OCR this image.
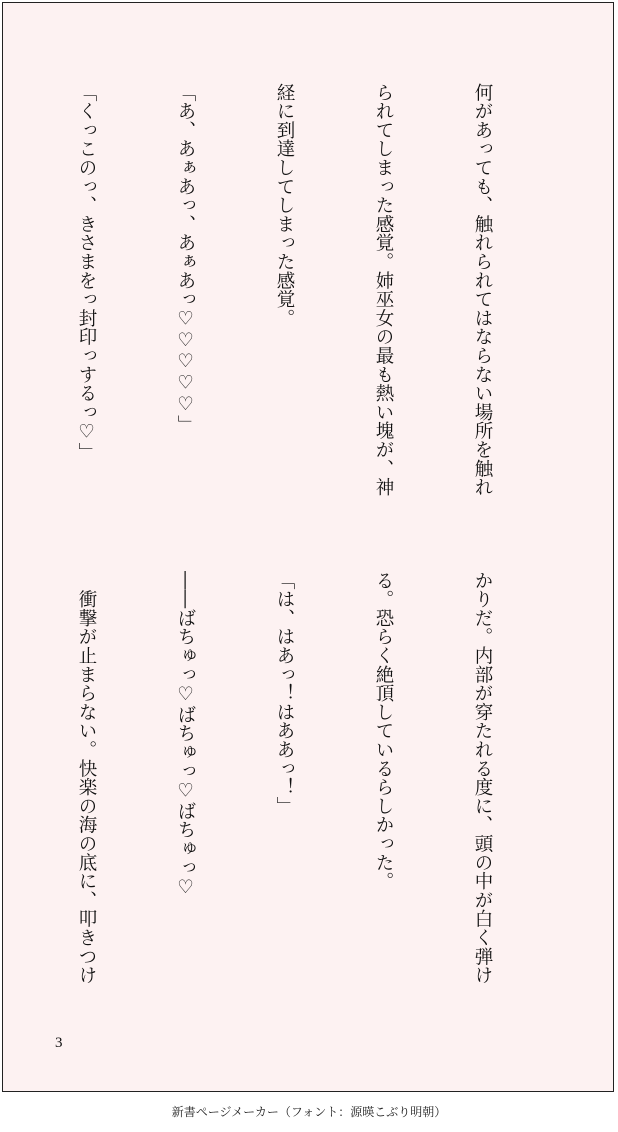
何があっても、触れられてはならない場所を触れ

られてしまった感覚。姉巫女の最も熱い塊が、神

経に到達してしまった感覚。

「あ、あぁあっ、あぁあっ♡♡♡♡♡」

「くっこのっ、きさまをっ封印っするっ♡」

かりだ。内部が穿たれる度に、頭の中が白く弾け

る。恐らく絶頂しているらしかった。

「は、はあっ！はああっ！」

――ばちゅっ♡ばちゅっ♡ばちゅっ♡

　衝撃が止まらない。快楽の海の底に、叩きつけ

3
新書ページメーカー（フォント：源暎こぶり明朝）
